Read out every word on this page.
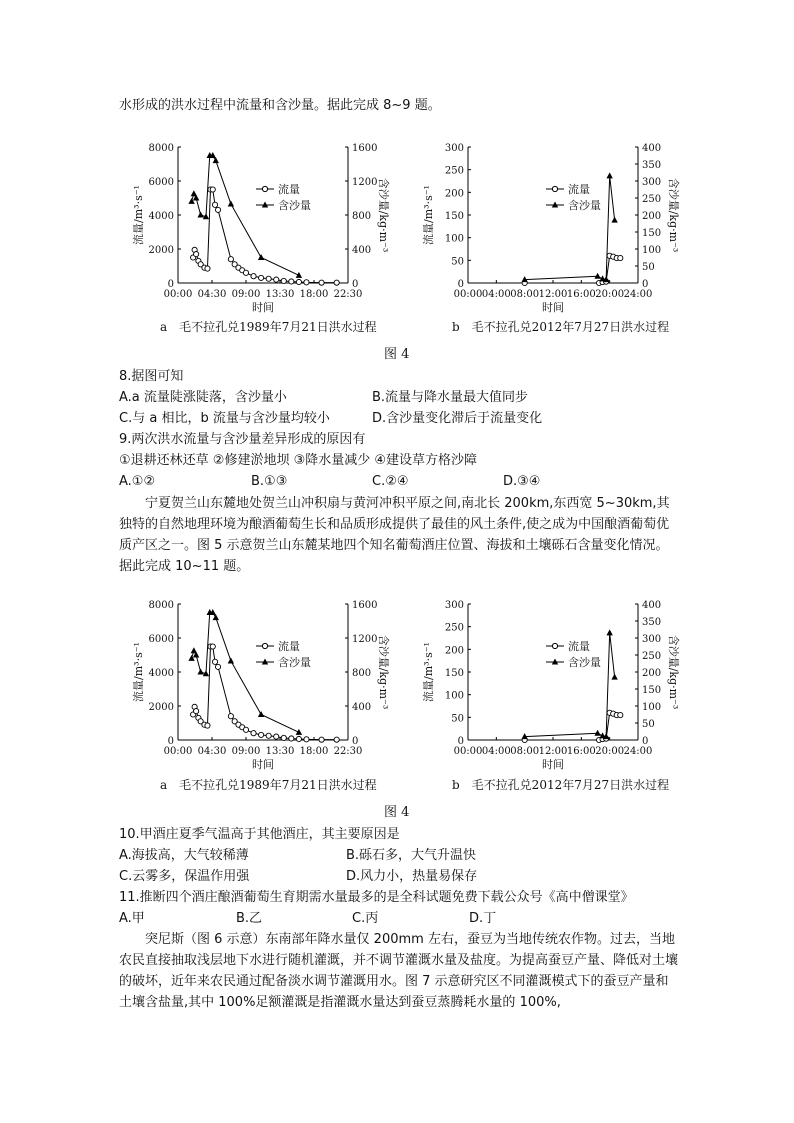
水形成的洪水过程中流量和含沙量。据此完成 8~9 题。
0
2000
4000
6000
8000
0
400
800
1200
1600
00:00 04:30 09:00 13:30 18:00 22:30
时间
流量/m³·s⁻¹	含沙量/kg·m⁻³
流量
含沙量
0
50
100
150
200
250
300
0
50
100
150
200
250
300
350
400
00:00 04:00 08:00 12:00 16:00 20:00 24:00
时间
流量/m³·s⁻¹	含沙量/kg·m⁻³
流量
含沙量
a　毛不拉孔兑1989年7月21日洪水过程	b　毛不拉孔兑2012年7月27日洪水过程
图 4
8.据图可知
A.a 流量陡涨陡落，含沙量小	B.流量与降水量最大值同步
C.与 a 相比，b 流量与含沙量均较小	D.含沙量变化滞后于流量变化
9.两次洪水流量与含沙量差异形成的原因有
①退耕还林还草 ②修建淤地坝 ③降水量减少 ④建设草方格沙障
A.①②	B.①③	C.②④	D.③④
宁夏贺兰山东麓地处贺兰山冲积扇与黄河冲积平原之间,南北长 200km,东西宽 5~30km,其独特的自然地理环境为酿酒葡萄生长和品质形成提供了最佳的风土条件,使之成为中国酿酒葡萄优质产区之一。图 5 示意贺兰山东麓某地四个知名葡萄酒庄位置、海拔和土壤砾石含量变化情况。据此完成 10~11 题。
0
2000
4000
6000
8000
0
400
800
1200
1600
00:00 04:30 09:00 13:30 18:00 22:30
时间
流量/m³·s⁻¹	含沙量/kg·m⁻³
流量
含沙量
0
50
100
150
200
250
300
0
50
100
150
200
250
300
350
400
00:00 04:00 08:00 12:00 16:00 20:00 24:00
时间
流量/m³·s⁻¹	含沙量/kg·m⁻³
流量
含沙量
a　毛不拉孔兑1989年7月21日洪水过程	b　毛不拉孔兑2012年7月27日洪水过程
图 4
10.甲酒庄夏季气温高于其他酒庄，其主要原因是
A.海拔高，大气较稀薄	B.砾石多，大气升温快
C.云雾多，保温作用强	D.风力小，热量易保存
11.推断四个酒庄酿酒葡萄生育期需水量最多的是全科试题免费下载公众号《高中僧课堂》
A.甲	B.乙	C.丙	D.丁
突尼斯（图 6 示意）东南部年降水量仅 200mm 左右，蚕豆为当地传统农作物。过去，当地农民直接抽取浅层地下水进行随机灌溉，并不调节灌溉水量及盐度。为提高蚕豆产量、降低对土壤的破坏，近年来农民通过配备淡水调节灌溉用水。图 7 示意研究区不同灌溉模式下的蚕豆产量和土壤含盐量,其中 100%足额灌溉是指灌溉水量达到蚕豆蒸腾耗水量的 100%,
